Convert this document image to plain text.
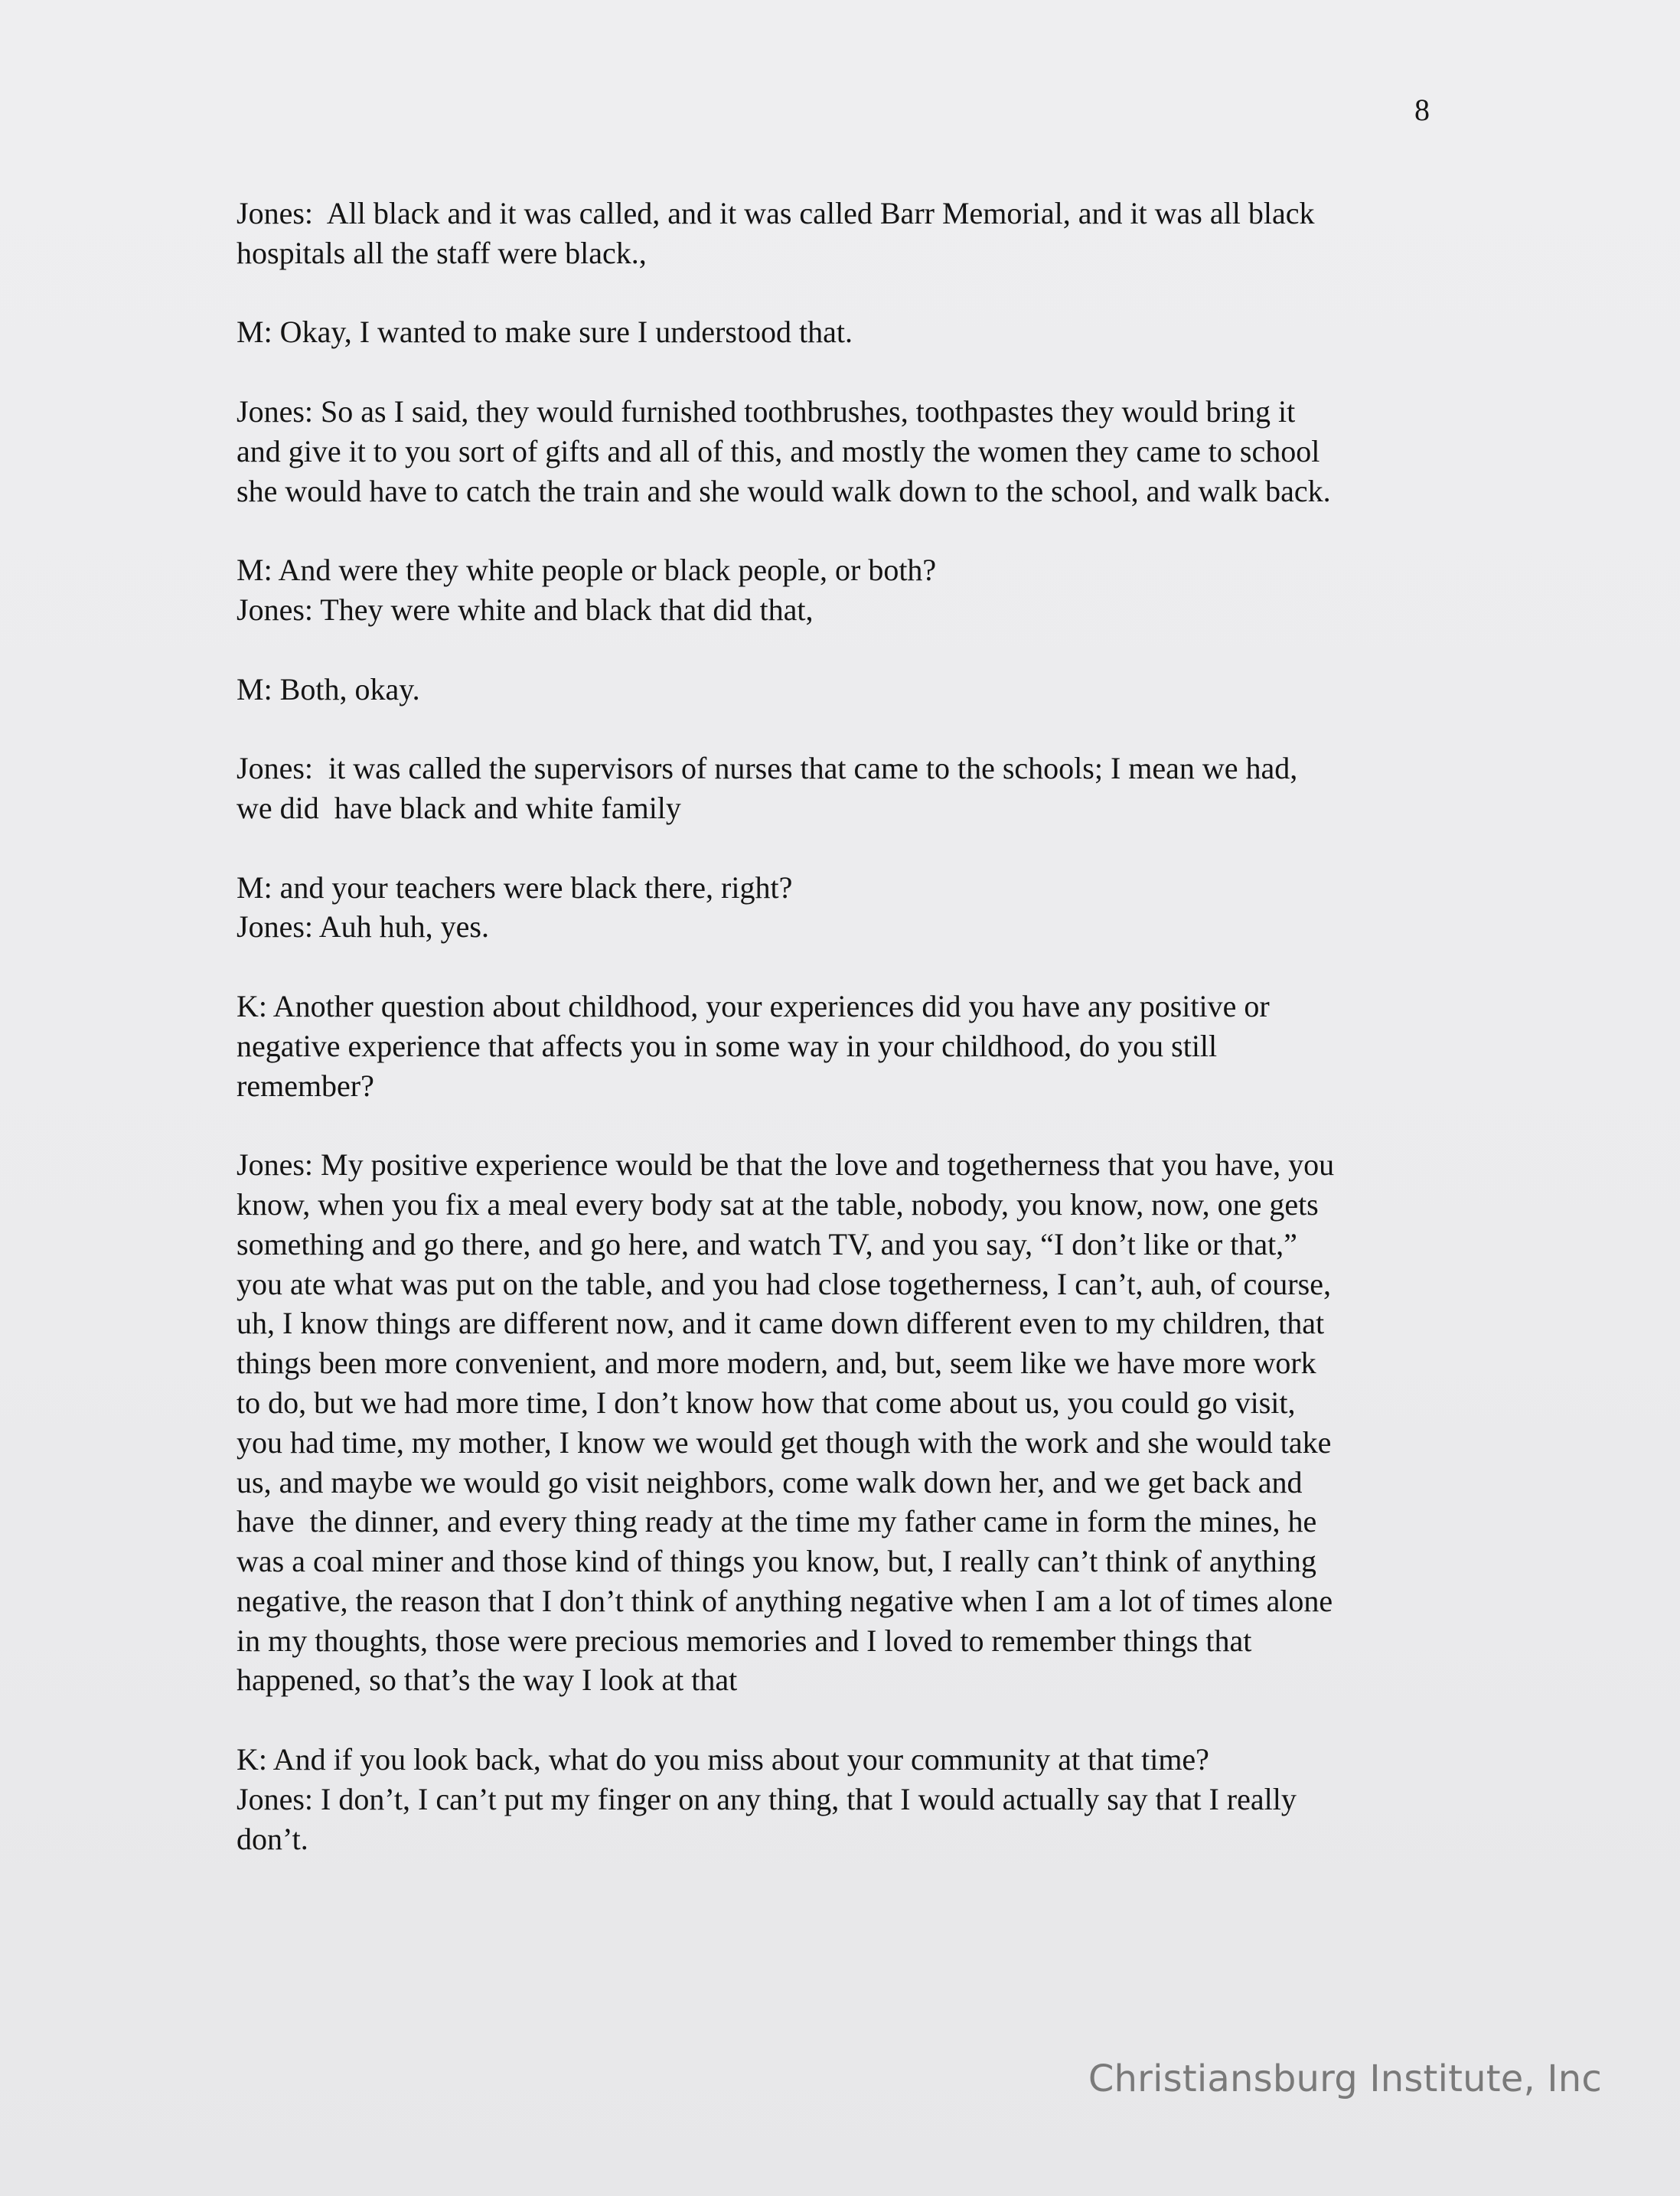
8

Jones:  All black and it was called, and it was called Barr Memorial, and it was all black

hospitals all the staff were black.,

M: Okay, I wanted to make sure I understood that.

Jones: So as I said, they would furnished toothbrushes, toothpastes they would bring it

and give it to you sort of gifts and all of this, and mostly the women they came to school

she would have to catch the train and she would walk down to the school, and walk back.

M: And were they white people or black people, or both?

Jones: They were white and black that did that,

M: Both, okay.

Jones:  it was called the supervisors of nurses that came to the schools; I mean we had,

we did  have black and white family

M: and your teachers were black there, right?

Jones: Auh huh, yes.

K: Another question about childhood, your experiences did you have any positive or

negative experience that affects you in some way in your childhood, do you still

remember?

Jones: My positive experience would be that the love and togetherness that you have, you

know, when you fix a meal every body sat at the table, nobody, you know, now, one gets

something and go there, and go here, and watch TV, and you say, “I don’t like or that,”

you ate what was put on the table, and you had close togetherness, I can’t, auh, of course,

uh, I know things are different now, and it came down different even to my children, that

things been more convenient, and more modern, and, but, seem like we have more work

to do, but we had more time, I don’t know how that come about us, you could go visit,

you had time, my mother, I know we would get though with the work and she would take

us, and maybe we would go visit neighbors, come walk down her, and we get back and

have  the dinner, and every thing ready at the time my father came in form the mines, he

was a coal miner and those kind of things you know, but, I really can’t think of anything

negative, the reason that I don’t think of anything negative when I am a lot of times alone

in my thoughts, those were precious memories and I loved to remember things that

happened, so that’s the way I look at that

K: And if you look back, what do you miss about your community at that time?

Jones: I don’t, I can’t put my finger on any thing, that I would actually say that I really

don’t.

Christiansburg Institute, Inc
